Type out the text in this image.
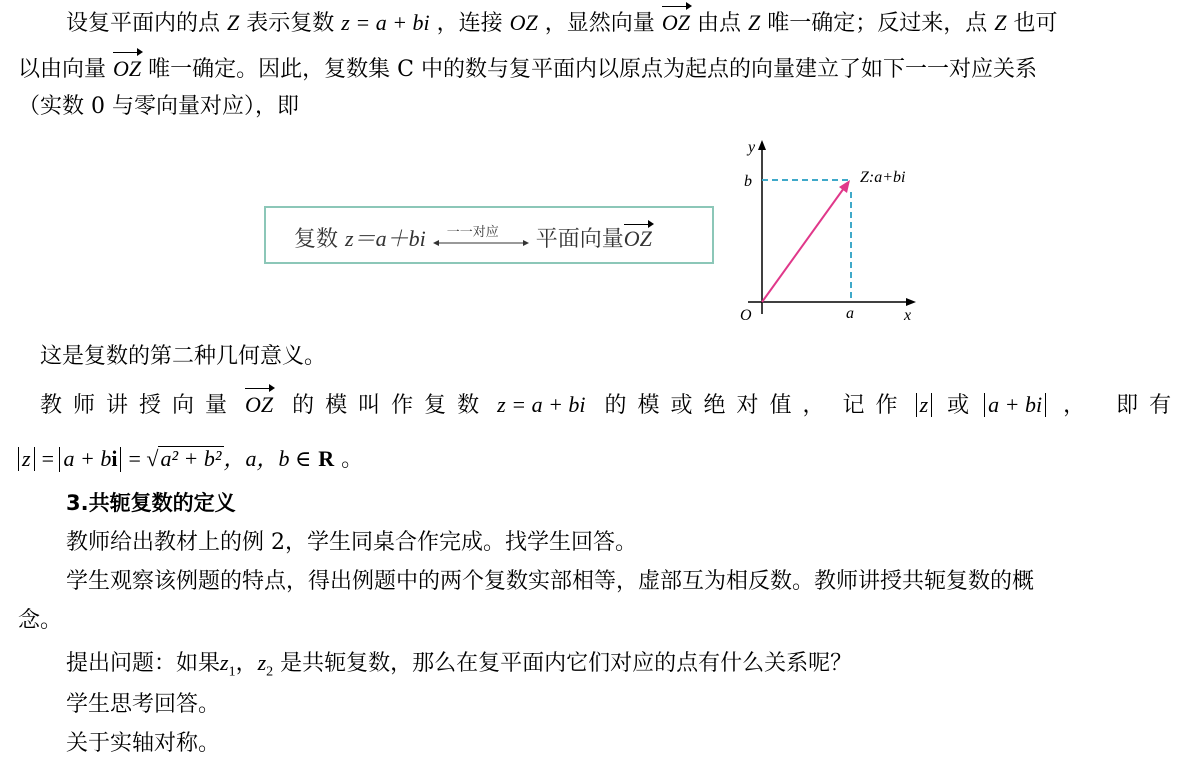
设复平面内的点 Z 表示复数 z = a + bi ，连接 OZ ，显然向量 OZ 由点 Z 唯一确定；反过来，点 Z 也可
以由向量 OZ 唯一确定。因此，复数集 C 中的数与复平面内以原点为起点的向量建立了如下一一对应关系
（实数 0 与零向量对应），即
复数 z＝a＋bi 一一对应 平面向量OZ
y
x
O	a
b	Z:a+bi
这是复数的第二种几何意义。
教师讲授向量 OZ 的模叫作复数 z = a + bi 的模或绝对值， 记作 z 或 a + bi ， 即有
z = a + bi = √a² + b²，a，b ∈ R 。
3.共轭复数的定义
教师给出教材上的例 2，学生同桌合作完成。找学生回答。
学生观察该例题的特点，得出例题中的两个复数实部相等，虚部互为相反数。教师讲授共轭复数的概
念。
提出问题：如果$z_1$，$z_2$ 是共轭复数，那么在复平面内它们对应的点有什么关系呢？
学生思考回答。
关于实轴对称。
